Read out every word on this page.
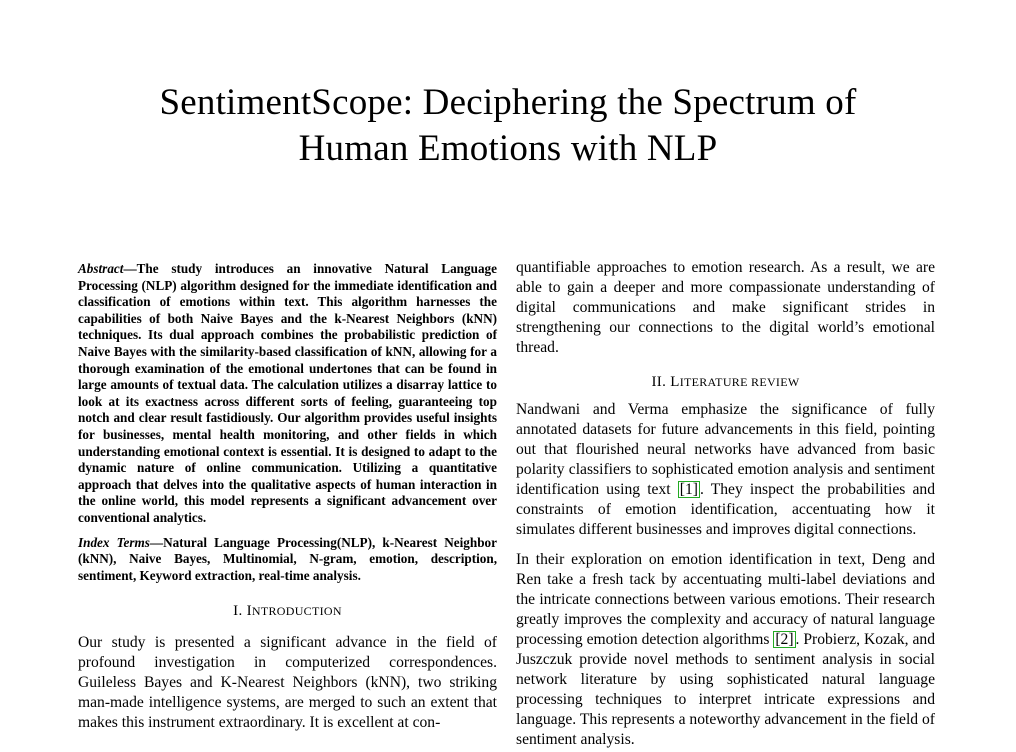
SentimentScope: Deciphering the Spectrum of
Human Emotions with NLP

Abstract—The study introduces an innovative Natural Language Processing (NLP) algorithm designed for the immediate identification and classification of emotions within text. This algorithm harnesses the capabilities of both Naive Bayes and the k-Nearest Neighbors (kNN) techniques. Its dual approach combines the probabilistic prediction of Naive Bayes with the similarity-based classification of kNN, allowing for a thorough examination of the emotional undertones that can be found in large amounts of textual data. The calculation utilizes a disarray lattice to look at its exactness across different sorts of feeling, guaranteeing top notch and clear result fastidiously. Our algorithm provides useful insights for businesses, mental health monitoring, and other fields in which understanding emotional context is essential. It is designed to adapt to the dynamic nature of online communication. Utilizing a quantitative approach that delves into the qualitative aspects of human interaction in the online world, this model represents a significant advancement over conventional analytics.

Index Terms—Natural Language Processing(NLP), k-Nearest Neighbor (kNN), Naive Bayes, Multinomial, N-gram, emotion, description, sentiment, Keyword extraction, real-time analysis.

I. INTRODUCTION

Our study is presented a significant advance in the field of profound investigation in computerized correspondences. Guileless Bayes and K-Nearest Neighbors (kNN), two striking man-made intelligence systems, are merged to such an extent that makes this instrument extraordinary. It is excellent at con-

quantifiable approaches to emotion research. As a result, we are able to gain a deeper and more compassionate understanding of digital communications and make significant strides in strengthening our connections to the digital world’s emotional thread.

II. LITERATURE REVIEW

Nandwani and Verma emphasize the significance of fully annotated datasets for future advancements in this field, pointing out that flourished neural networks have advanced from basic polarity classifiers to sophisticated emotion analysis and sentiment identification using text [1] . They inspect the probabilities and constraints of emotion identification, accentuating how it simulates different businesses and improves digital connections.

In their exploration on emotion identification in text, Deng and Ren take a fresh tack by accentuating multi-label deviations and the intricate connections between various emotions. Their research greatly improves the complexity and accuracy of natural language processing emotion detection algorithms [2] . Probierz, Kozak, and Juszczuk provide novel methods to sentiment analysis in social network literature by using sophisticated natural language processing techniques to interpret intricate expressions and language. This represents a noteworthy advancement in the field of sentiment analysis.
